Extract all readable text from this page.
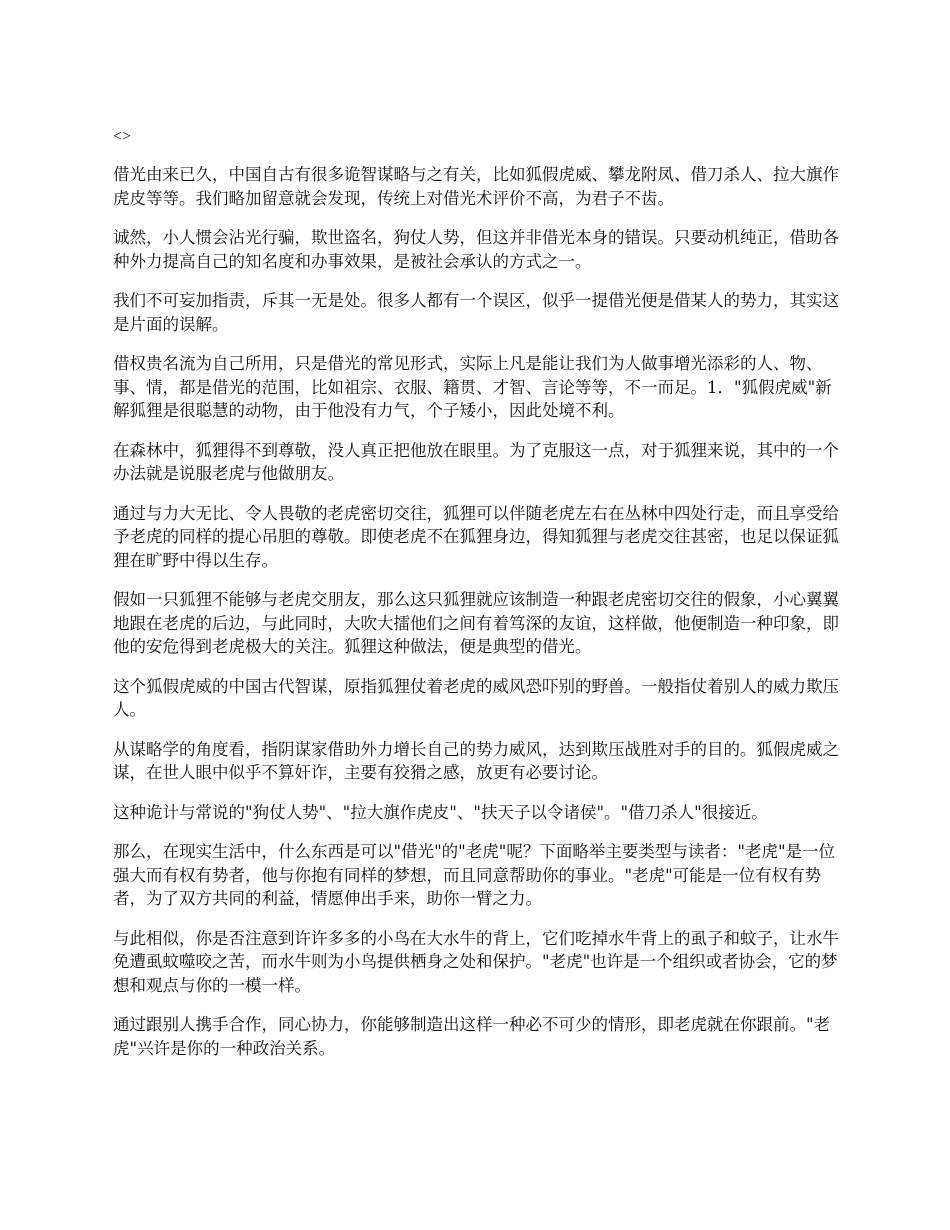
<>

借光由来已久，中国自古有很多诡智谋略与之有关，比如狐假虎威、攀龙附凤、借刀杀人、拉大旗作虎皮等等。我们略加留意就会发现，传统上对借光术评价不高，为君子不齿。

诚然，小人惯会沾光行骗，欺世盗名，狗仗人势，但这并非借光本身的错误。只要动机纯正，借助各种外力提高自己的知名度和办事效果，是被社会承认的方式之一。

我们不可妄加指责，斥其一无是处。很多人都有一个误区，似乎一提借光便是借某人的势力，其实这是片面的误解。

借权贵名流为自己所用，只是借光的常见形式，实际上凡是能让我们为人做事增光添彩的人、物、事、情，都是借光的范围，比如祖宗、衣服、籍贯、才智、言论等等，不一而足。1．"狐假虎威"新解狐狸是很聪慧的动物，由于他没有力气，个子矮小，因此处境不利。

在森林中，狐狸得不到尊敬，没人真正把他放在眼里。为了克服这一点，对于狐狸来说，其中的一个办法就是说服老虎与他做朋友。

通过与力大无比、令人畏敬的老虎密切交往，狐狸可以伴随老虎左右在丛林中四处行走，而且享受给予老虎的同样的提心吊胆的尊敬。即使老虎不在狐狸身边，得知狐狸与老虎交往甚密，也足以保证狐狸在旷野中得以生存。

假如一只狐狸不能够与老虎交朋友，那么这只狐狸就应该制造一种跟老虎密切交往的假象，小心翼翼地跟在老虎的后边，与此同时，大吹大擂他们之间有着笃深的友谊，这样做，他便制造一种印象，即他的安危得到老虎极大的关注。狐狸这种做法，便是典型的借光。

这个狐假虎威的中国古代智谋，原指狐狸仗着老虎的威风恐吓别的野兽。一般指仗着别人的威力欺压人。

从谋略学的角度看，指阴谋家借助外力增长自己的势力威风，达到欺压战胜对手的目的。狐假虎威之谋，在世人眼中似乎不算奸诈，主要有狡猾之感，放更有必要讨论。

这种诡计与常说的"狗仗人势"、"拉大旗作虎皮"、"扶天子以令诸侯"。"借刀杀人"很接近。

那么，在现实生活中，什么东西是可以"借光"的"老虎"呢？下面略举主要类型与读者："老虎"是一位强大而有权有势者，他与你抱有同样的梦想，而且同意帮助你的事业。"老虎"可能是一位有权有势者，为了双方共同的利益，情愿伸出手来，助你一臂之力。

与此相似，你是否注意到许许多多的小鸟在大水牛的背上，它们吃掉水牛背上的虱子和蚊子，让水牛免遭虱蚊噬咬之苦，而水牛则为小鸟提供栖身之处和保护。"老虎"也许是一个组织或者协会，它的梦想和观点与你的一模一样。

通过跟别人携手合作，同心协力，你能够制造出这样一种必不可少的情形，即老虎就在你跟前。"老虎"兴许是你的一种政治关系。
